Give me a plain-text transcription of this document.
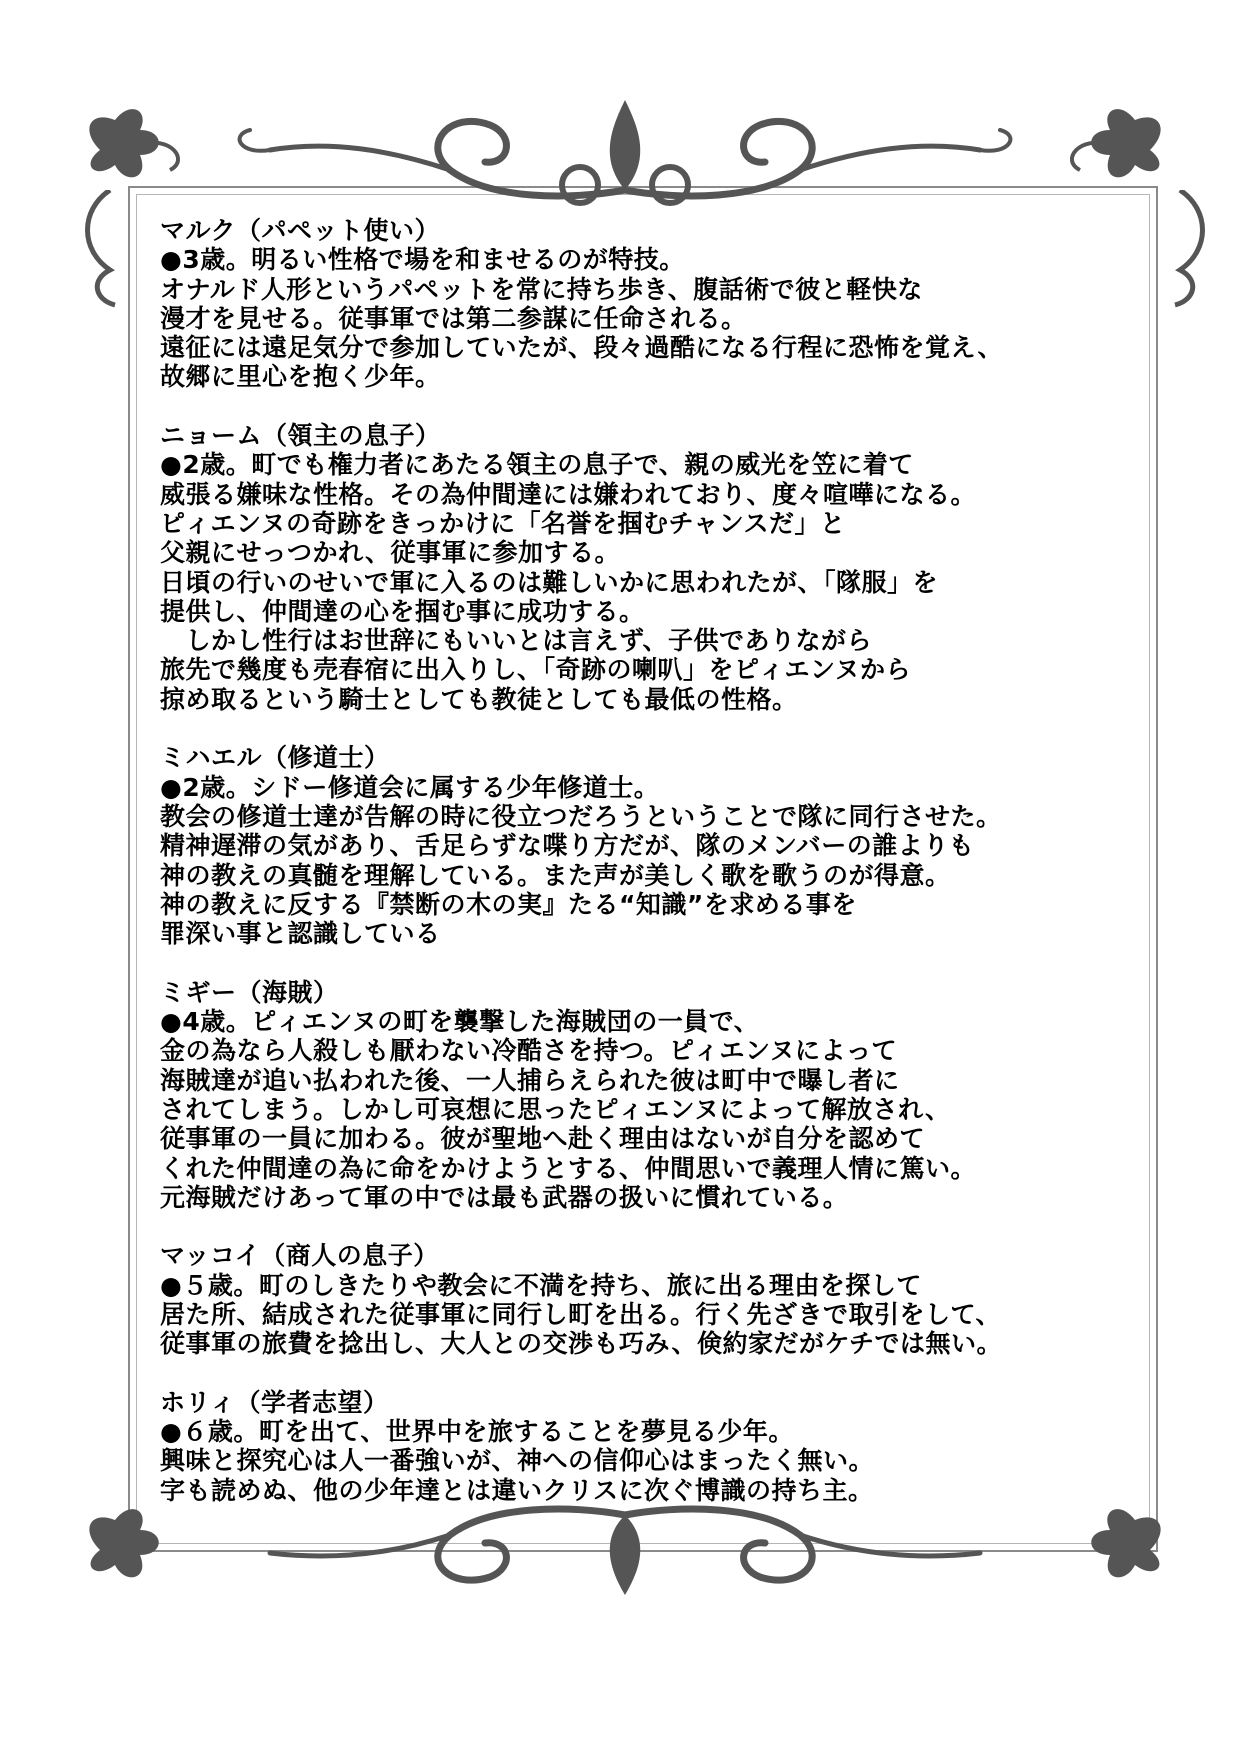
マルク（パペット使い）
●3歳。明るい性格で場を和ませるのが特技。
オナルド人形というパペットを常に持ち歩き、腹話術で彼と軽快な
漫才を見せる。従事軍では第二参謀に任命される。
遠征には遠足気分で参加していたが、段々過酷になる行程に恐怖を覚え、
故郷に里心を抱く少年。
ニョーム（領主の息子）
●2歳。町でも権力者にあたる領主の息子で、親の威光を笠に着て
威張る嫌味な性格。その為仲間達には嫌われており、度々喧嘩になる。
ピィエンヌの奇跡をきっかけに「名誉を掴むチャンスだ」と
父親にせっつかれ、従事軍に参加する。
日頃の行いのせいで軍に入るのは難しいかに思われたが、「隊服」を
提供し、仲間達の心を掴む事に成功する。
　しかし性行はお世辞にもいいとは言えず、子供でありながら
旅先で幾度も売春宿に出入りし、「奇跡の喇叭」をピィエンヌから
掠め取るという騎士としても教徒としても最低の性格。
ミハエル（修道士）
●2歳。シドー修道会に属する少年修道士。
教会の修道士達が告解の時に役立つだろうということで隊に同行させた。
精神遅滞の気があり、舌足らずな喋り方だが、隊のメンバーの誰よりも
神の教えの真髄を理解している。また声が美しく歌を歌うのが得意。
神の教えに反する『禁断の木の実』たる“知識”を求める事を
罪深い事と認識している
ミギー（海賊）
●4歳。ピィエンヌの町を襲撃した海賊団の一員で、
金の為なら人殺しも厭わない冷酷さを持つ。ピィエンヌによって
海賊達が追い払われた後、一人捕らえられた彼は町中で曝し者に
されてしまう。しかし可哀想に思ったピィエンヌによって解放され、
従事軍の一員に加わる。彼が聖地へ赴く理由はないが自分を認めて
くれた仲間達の為に命をかけようとする、仲間思いで義理人情に篤い。
元海賊だけあって軍の中では最も武器の扱いに慣れている。
マッコイ（商人の息子）
●５歳。町のしきたりや教会に不満を持ち、旅に出る理由を探して
居た所、結成された従事軍に同行し町を出る。行く先ざきで取引をして、
従事軍の旅費を捻出し、大人との交渉も巧み、倹約家だがケチでは無い。
ホリィ（学者志望）
●６歳。町を出て、世界中を旅することを夢見る少年。
興味と探究心は人一番強いが、神への信仰心はまったく無い。
字も読めぬ、他の少年達とは違いクリスに次ぐ博識の持ち主。
